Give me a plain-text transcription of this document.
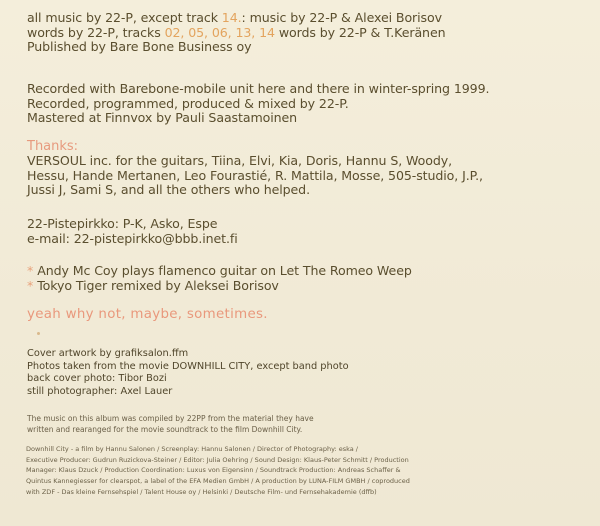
all music by 22-P, except track 14.: music by 22-P & Alexei Borisov
words by 22-P, tracks 02, 05, 06, 13, 14 words by 22-P & T.Keränen
Published by Bare Bone Business oy
Recorded with Barebone-mobile unit here and there in winter-spring 1999.
Recorded, programmed, produced & mixed by 22-P.
Mastered at Finnvox by Pauli Saastamoinen
Thanks:
VERSOUL inc. for the guitars, Tiina, Elvi, Kia, Doris, Hannu S, Woody,
Hessu, Hande Mertanen, Leo Fourastié, R. Mattila, Mosse, 505-studio, J.P.,
Jussi J, Sami S, and all the others who helped.
22-Pistepirkko: P-K, Asko, Espe
e-mail: 22-pistepirkko@bbb.inet.fi
* Andy Mc Coy plays flamenco guitar on Let The Romeo Weep
* Tokyo Tiger remixed by Aleksei Borisov
yeah why not, maybe, sometimes.
Cover artwork by grafiksalon.ffm
Photos taken from the movie DOWNHILL CITY, except band photo
back cover photo: Tibor Bozi
still photographer: Axel Lauer
The music on this album was compiled by 22PP from the material they have
written and rearanged for the movie soundtrack to the film Downhill City.
Downhill City - a film by Hannu Salonen / Screenplay: Hannu Salonen / Director of Photography: eska /
Executive Producer: Gudrun Ruzickova-Steiner / Editor: Julia Oehring / Sound Design: Klaus-Peter Schmitt / Production
Manager: Klaus Dzuck / Production Coordination: Luxus von Eigensinn / Soundtrack Production: Andreas Schaffer &
Quintus Kannegiesser for clearspot, a label of the EFA Medien GmbH / A production by LUNA-FILM GMBH / coproduced
with ZDF - Das kleine Fernsehspiel / Talent House oy / Helsinki / Deutsche Film- und Fernsehakademie (dffb)
